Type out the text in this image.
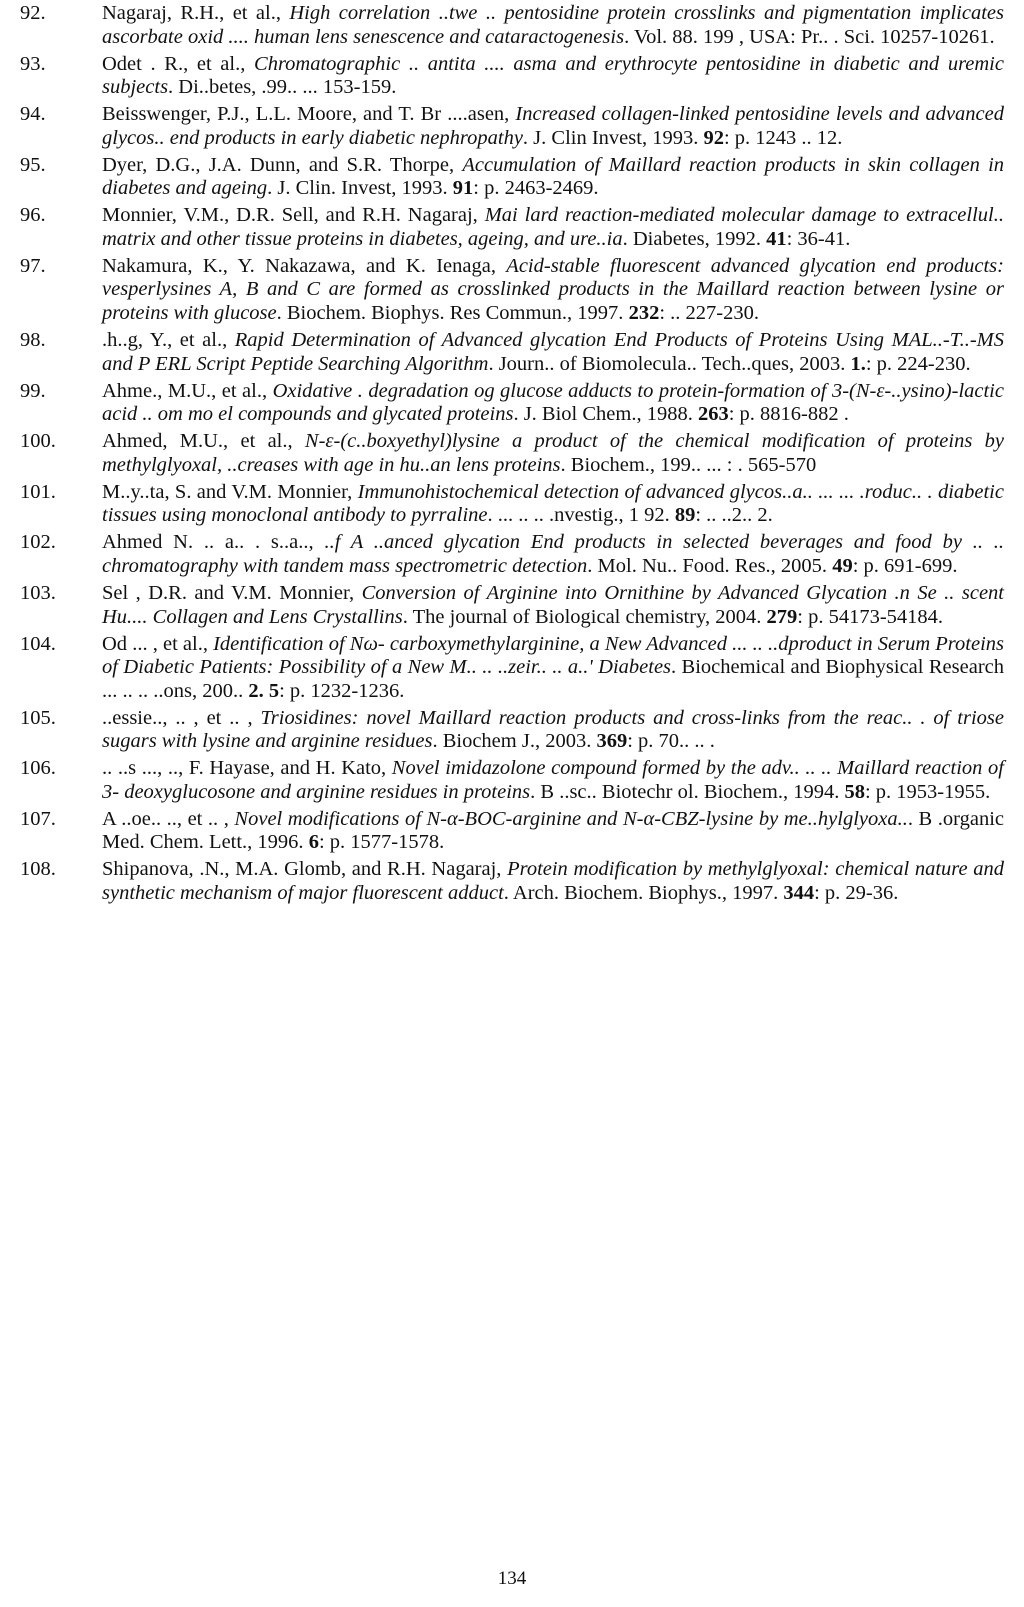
92.	Nagaraj, R.H., et al., High correlation ..twe .. pentosidine protein crosslinks and pigmentation implicates ascorbate oxid .... human lens senescence and cataractogenesis. Vol. 88. 199 , USA: Pr.. . Sci. 10257-10261.
93.	Odet . R., et al., Chromatographic .. antita .... asma and erythrocyte pentosidine in diabetic and uremic subjects. Di..betes, .99.. ... 153-159.
94.	Beisswenger, P.J., L.L. Moore, and T. Br ....asen, Increased collagen-linked pentosidine levels and advanced glycos.. end products in early diabetic nephropathy. J. Clin Invest, 1993. 92: p. 1243 .. 12.
95.	Dyer, D.G., J.A. Dunn, and S.R. Thorpe, Accumulation of Maillard reaction products in skin collagen in diabetes and ageing. J. Clin. Invest, 1993. 91: p. 2463-2469.
96.	Monnier, V.M., D.R. Sell, and R.H. Nagaraj, Mai lard reaction-mediated molecular damage to extracellul.. matrix and other tissue proteins in diabetes, ageing, and ure..ia. Diabetes, 1992. 41: 36-41.
97.	Nakamura, K., Y. Nakazawa, and K. Ienaga, Acid-stable fluorescent advanced glycation end products: vesperlysines A, B and C are formed as crosslinked products in the Maillard reaction between lysine or proteins with glucose. Biochem. Biophys. Res Commun., 1997. 232: .. 227-230.
98.	.h..g, Y., et al., Rapid Determination of Advanced glycation End Products of Proteins Using MAL..-T..-MS and P ERL Script Peptide Searching Algorithm. Journ.. of Biomolecula.. Tech..ques, 2003. 1.: p. 224-230.
99.	Ahme., M.U., et al., Oxidative . degradation og glucose adducts to protein-formation of 3-(N-ε-..ysino)-lactic acid .. om mo el compounds and glycated proteins. J. Biol Chem., 1988. 263: p. 8816-882 .
100.	Ahmed, M.U., et al., N-ε-(c..boxyethyl)lysine a product of the chemical modification of proteins by methylglyoxal, ..creases with age in hu..an lens proteins. Biochem., 199.. ... : . 565-570
101.	M..y..ta, S. and V.M. Monnier, Immunohistochemical detection of advanced glycos..a.. ... ... .roduc.. . diabetic tissues using monoclonal antibody to pyrraline. ... .. .. .nvestig., 1 92. 89: .. ..2.. 2.
102.	Ahmed N. .. a.. . s..a.., ..f A ..anced glycation End products in selected beverages and food by .. .. chromatography with tandem mass spectrometric detection. Mol. Nu.. Food. Res., 2005. 49: p. 691-699.
103.	Sel , D.R. and V.M. Monnier, Conversion of Arginine into Ornithine by Advanced Glycation .n Se .. scent Hu.... Collagen and Lens Crystallins. The journal of Biological chemistry, 2004. 279: p. 54173-54184.
104.	Od ... , et al., Identification of Nω- carboxymethylarginine, a New Advanced ... .. ..dproduct in Serum Proteins of Diabetic Patients: Possibility of a New M.. .. ..zeir.. .. a..' Diabetes. Biochemical and Biophysical Research ... .. .. ..ons, 200.. 2. 5: p. 1232-1236.
105.	..essie.., .. , et .. , Triosidines: novel Maillard reaction products and cross-links from the reac.. . of triose sugars with lysine and arginine residues. Biochem J., 2003. 369: p. 70.. .. .
106.	.. ..s ..., .., F. Hayase, and H. Kato, Novel imidazolone compound formed by the adv.. .. .. Maillard reaction of 3- deoxyglucosone and arginine residues in proteins. B ..sc.. Biotechr ol. Biochem., 1994. 58: p. 1953-1955.
107.	A ..oe.. .., et .. , Novel modifications of N-α-BOC-arginine and N-α-CBZ-lysine by me..hylglyoxa... B .organic Med. Chem. Lett., 1996. 6: p. 1577-1578.
108.	Shipanova, .N., M.A. Glomb, and R.H. Nagaraj, Protein modification by methylglyoxal: chemical nature and synthetic mechanism of major fluorescent adduct. Arch. Biochem. Biophys., 1997. 344: p. 29-36.
134
